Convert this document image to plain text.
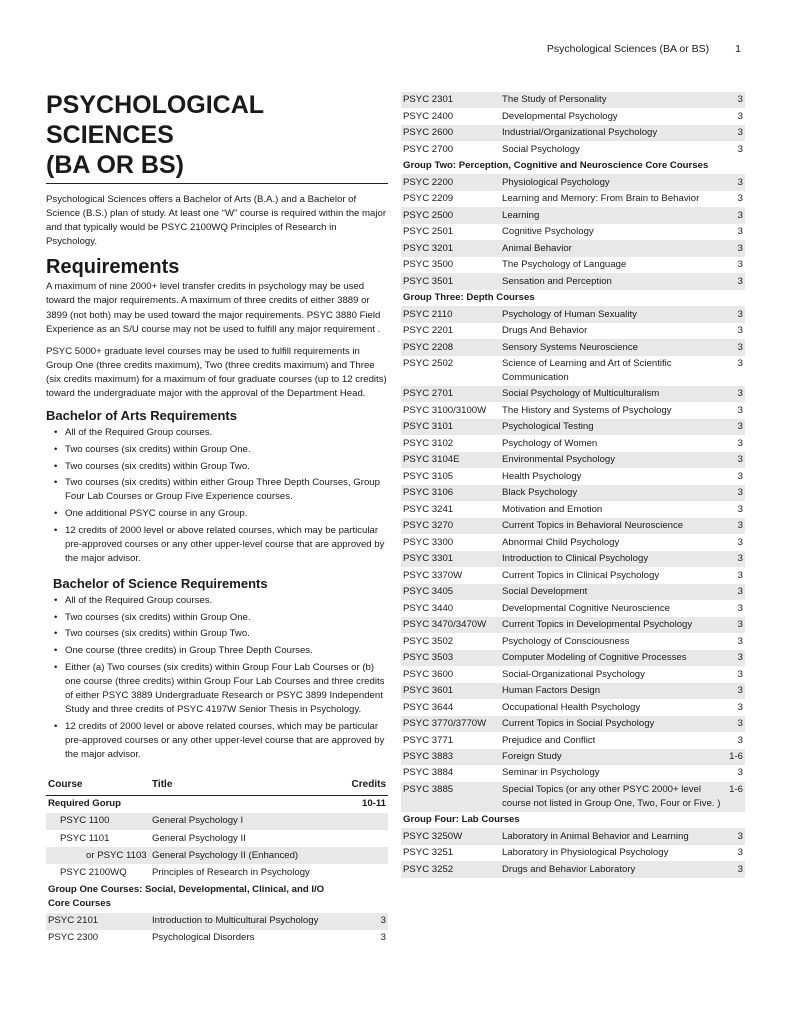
Psychological Sciences (BA or BS) 1
PSYCHOLOGICAL SCIENCES
(BA OR BS)

Psychological Sciences offers a Bachelor of Arts (B.A.) and a Bachelor of Science (B.S.) plan of study. At least one “W” course is required within the major and that typically would be PSYC 2100WQ Principles of Research in Psychology.

Requirements

A maximum of nine 2000+ level transfer credits in psychology may be used toward the major requirements. A maximum of three credits of either 3889 or 3899 (not both) may be used toward the major requirements. PSYC 3880 Field Experience as an S/U course may not be used to fulfill any major requirement .

PSYC 5000+ graduate level courses may be used to fulfill requirements in Group One (three credits maximum), Two (three credits maximum) and Three (six credits maximum) for a maximum of four graduate courses (up to 12 credits) toward the undergraduate major with the approval of the Department Head.

Bachelor of Arts Requirements
• All of the Required Group courses.
• Two courses (six credits) within Group One.
• Two courses (six credits) within Group Two.
• Two courses (six credits) within either Group Three Depth Courses, Group Four Lab Courses or Group Five Experience courses.
• One additional PSYC course in any Group.
• 12 credits of 2000 level or above related courses, which may be particular pre-approved courses or any other upper-level course that are approved by the major advisor.
Bachelor of Science Requirements
• All of the Required Group courses.
• Two courses (six credits) within Group One.
• Two courses (six credits) within Group Two.
• One course (three credits) in Group Three Depth Courses.
• Either (a) Two courses (six credits) within Group Four Lab Courses or (b) one course (three credits) within Group Four Lab Courses and three credits of either PSYC 3889 Undergraduate Research or PSYC 3899 Independent Study and three credits of PSYC 4197W Senior Thesis in Psychology.
• 12 credits of 2000 level or above related courses, which may be particular pre-approved courses or any other upper-level course that are approved by the major advisor.
Course	Title	Credits
Required Gorup		10-11
PSYC 1100	General Psychology I	
PSYC 1101	General Psychology II	
or PSYC 1103	General Psychology II (Enhanced)	
PSYC 2100WQ	Principles of Research in Psychology	
Group One Courses: Social, Developmental, Clinical, and I/O Core Courses		
PSYC 2101	Introduction to Multicultural Psychology	3
PSYC 2300	Psychological Disorders	3
PSYC 2301	The Study of Personality	3
PSYC 2400	Developmental Psychology	3
PSYC 2600	Industrial/Organizational Psychology	3
PSYC 2700	Social Psychology	3
Group Two: Perception, Cognitive and Neuroscience Core Courses		
PSYC 2200	Physiological Psychology	3
PSYC 2209	Learning and Memory: From Brain to Behavior	3
PSYC 2500	Learning	3
PSYC 2501	Cognitive Psychology	3
PSYC 3201	Animal Behavior	3
PSYC 3500	The Psychology of Language	3
PSYC 3501	Sensation and Perception	3
Group Three: Depth Courses		
PSYC 2110	Psychology of Human Sexuality	3
PSYC 2201	Drugs And Behavior	3
PSYC 2208	Sensory Systems Neuroscience	3
PSYC 2502	Science of Learning and Art of Scientific Communication	3
PSYC 2701	Social Psychology of Multiculturalism	3
PSYC 3100/3100W	The History and Systems of Psychology	3
PSYC 3101	Psychological Testing	3
PSYC 3102	Psychology of Women	3
PSYC 3104E	Environmental Psychology	3
PSYC 3105	Health Psychology	3
PSYC 3106	Black Psychology	3
PSYC 3241	Motivation and Emotion	3
PSYC 3270	Current Topics in Behavioral Neuroscience	3
PSYC 3300	Abnormal Child Psychology	3
PSYC 3301	Introduction to Clinical Psychology	3
PSYC 3370W	Current Topics in Clinical Psychology	3
PSYC 3405	Social Development	3
PSYC 3440	Developmental Cognitive Neuroscience	3
PSYC 3470/3470W	Current Topics in Developmental Psychology	3
PSYC 3502	Psychology of Consciousness	3
PSYC 3503	Computer Modeling of Cognitive Processes	3
PSYC 3600	Social-Organizational Psychology	3
PSYC 3601	Human Factors Design	3
PSYC 3644	Occupational Health Psychology	3
PSYC 3770/3770W	Current Topics in Social Psychology	3
PSYC 3771	Prejudice and Conflict	3
PSYC 3883	Foreign Study	1-6
PSYC 3884	Seminar in Psychology	3
PSYC 3885	Special Topics (or any other PSYC 2000+ level course not listed in Group One, Two, Four or Five. )	1-6
Group Four: Lab Courses		
PSYC 3250W	Laboratory in Animal Behavior and Learning	3
PSYC 3251	Laboratory in Physiological Psychology	3
PSYC 3252	Drugs and Behavior Laboratory	3
